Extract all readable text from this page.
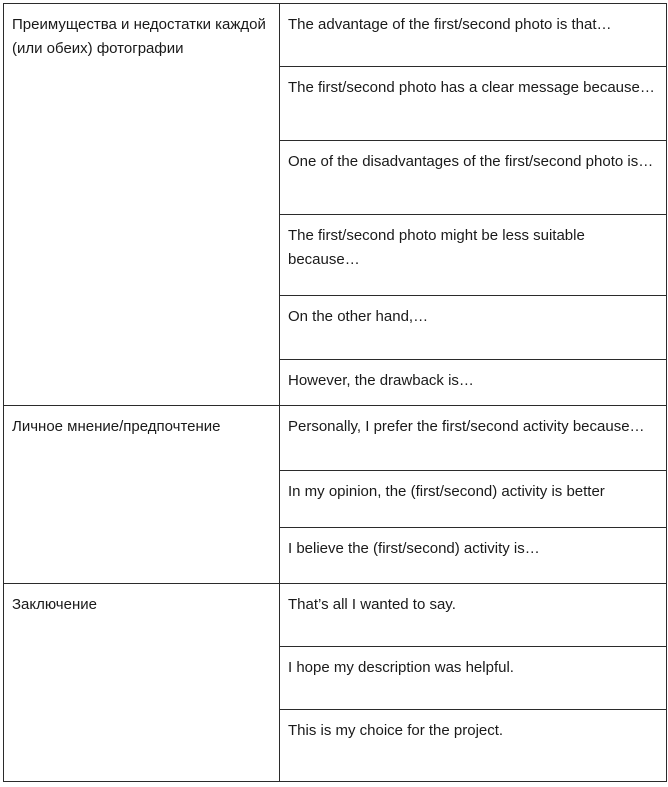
Преимущества и недостатки каждой (или обеих) фотографии	The advantage of the first/second photo is that…
	The first/second photo has a clear message because…
	One of the disadvantages of the first/second photo is…
	The first/second photo might be less suitable because…
	On the other hand,…
	However, the drawback is…
Личное мнение/предпочтение	Personally, I prefer the first/second activity because…
	In my opinion, the (first/second) activity is better
	I believe the (first/second) activity is…
Заключение	That’s all I wanted to say.
	I hope my description was helpful.
	This is my choice for the project.
